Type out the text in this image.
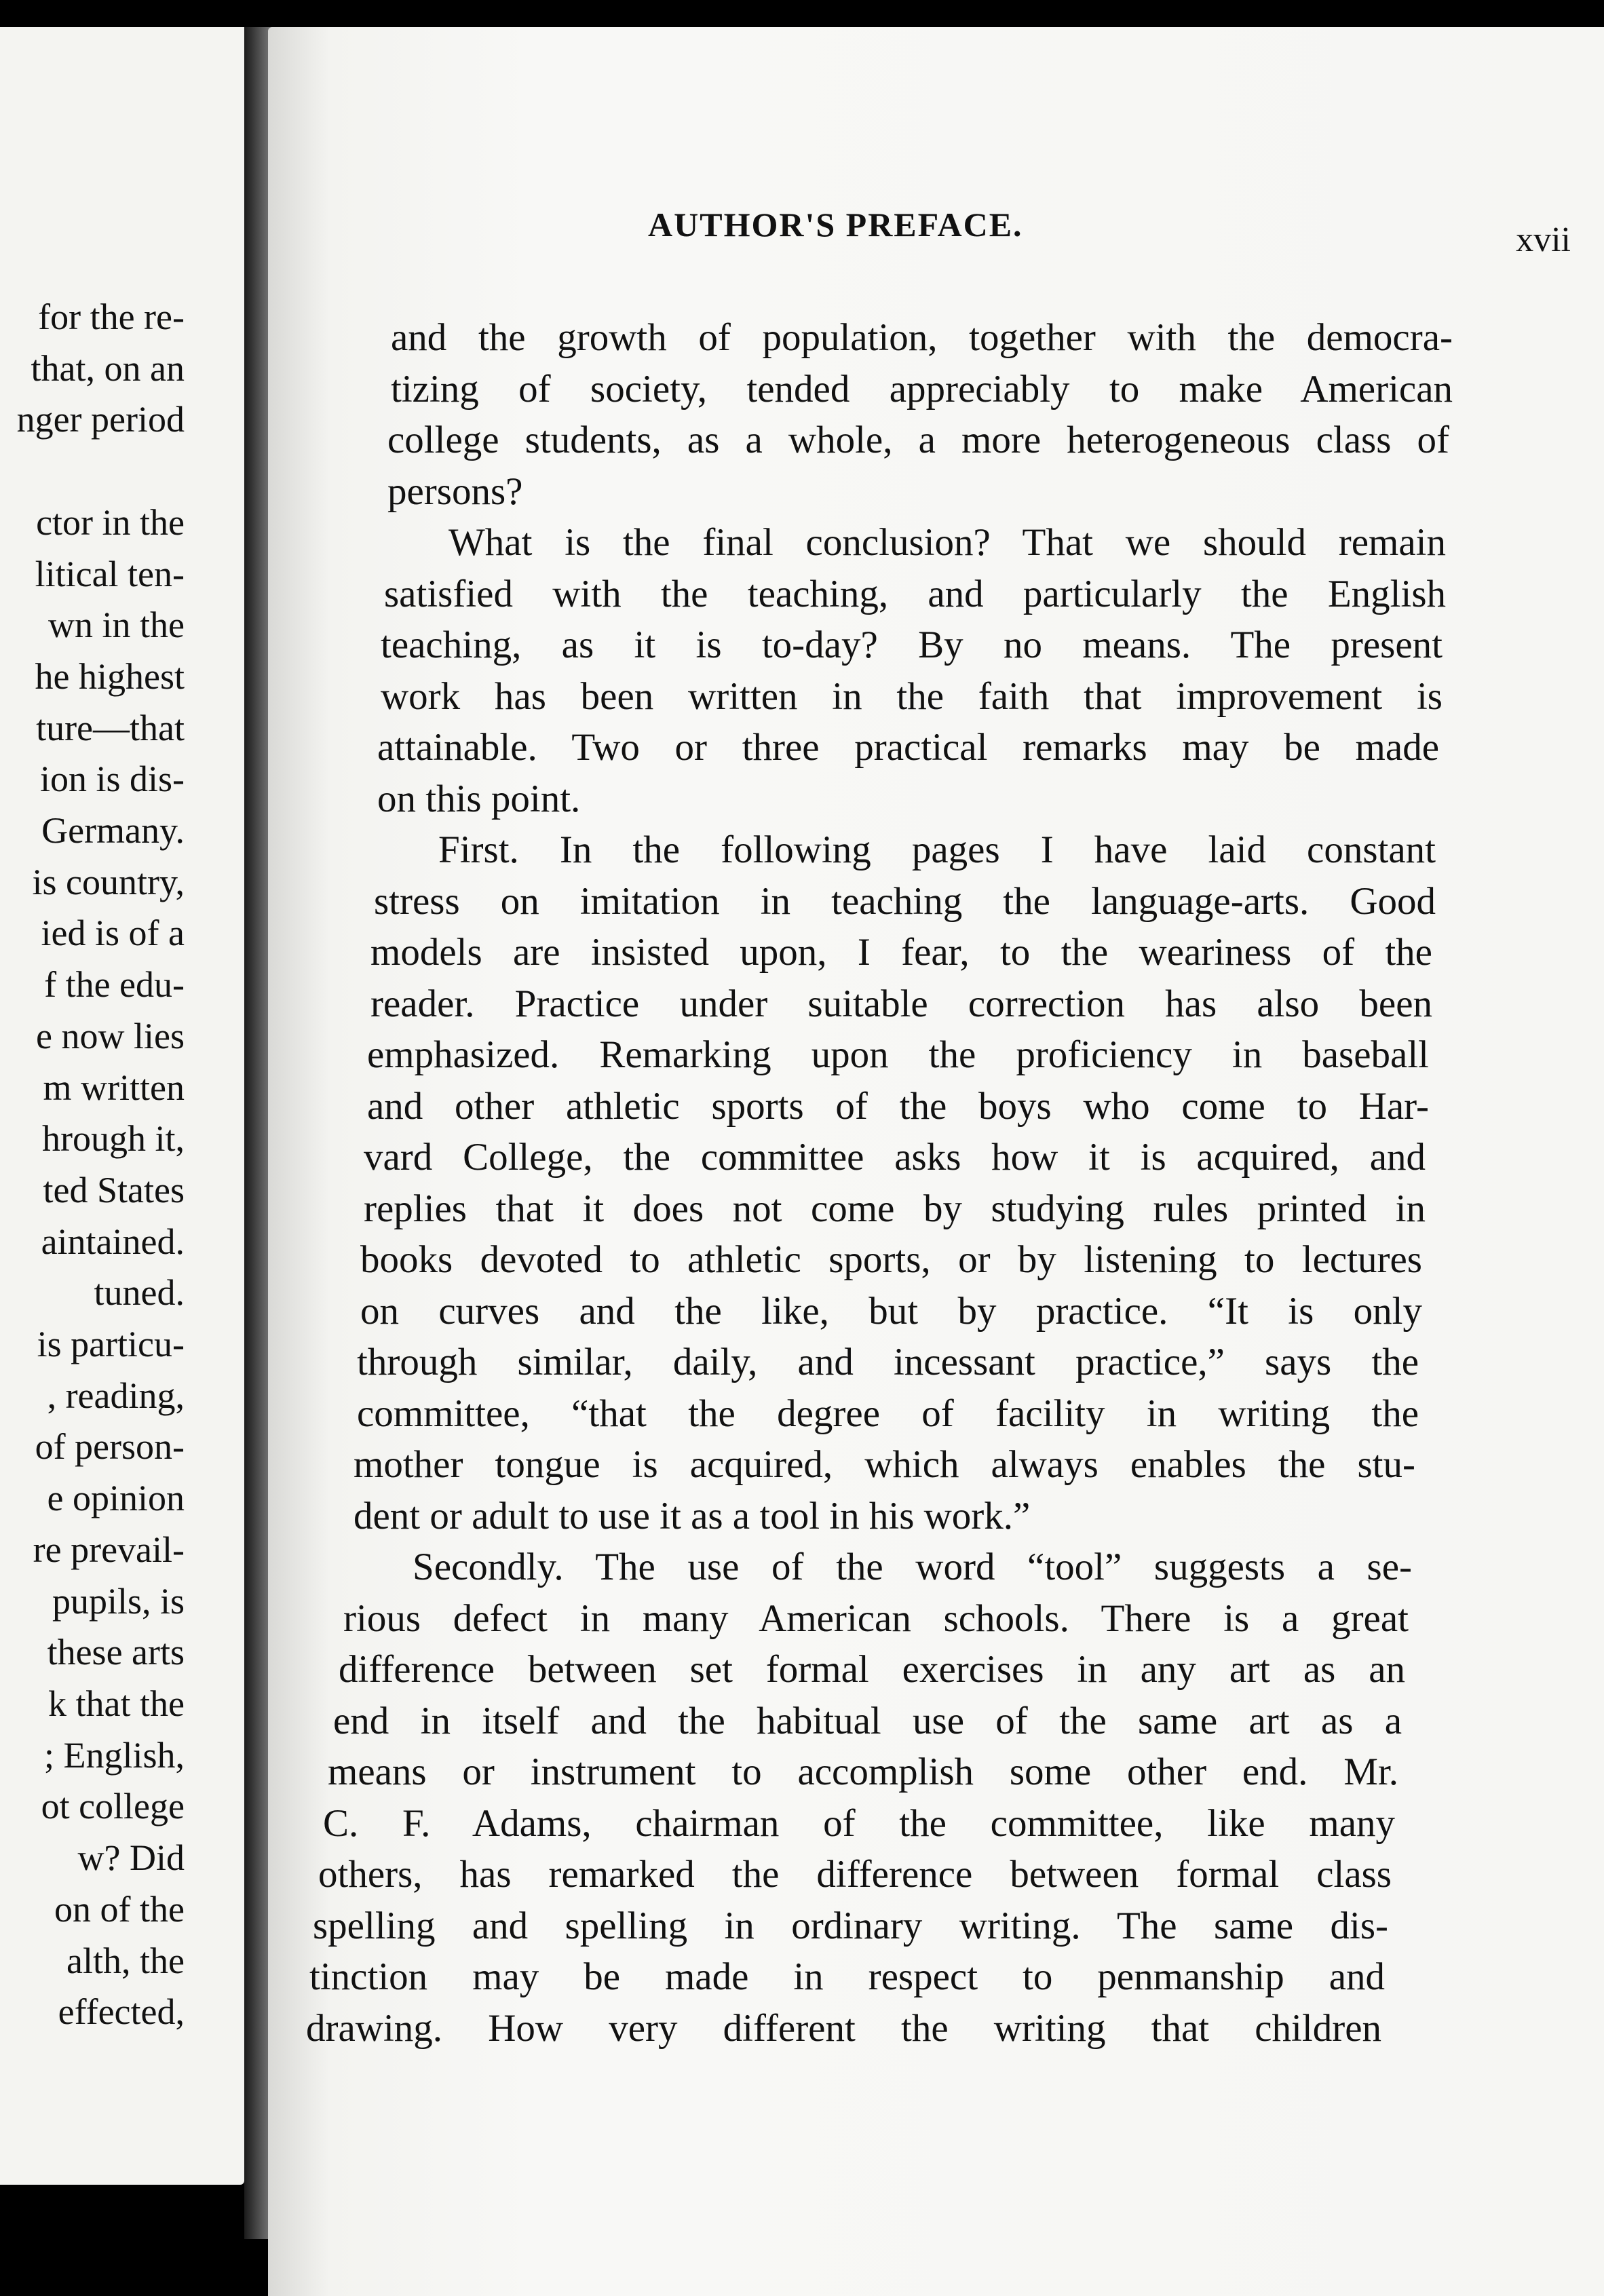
for the re-
that, on an
nger period

ctor in the
litical ten-
wn in the
he highest
ture—that
ion is dis-
Germany.
is country,
ied is of a
f the edu-
e now lies
m written
hrough it,
ted States
aintained.
tuned.
is particu-
, reading,
of person-
e opinion
re prevail-
pupils, is
these arts
k that the
; English,
ot college
w? Did
on of the
alth, the
effected,
AUTHOR'S PREFACE.	xvii
and the growth of population, together with the democra-
tizing of society, tended appreciably to make American
college students, as a whole, a more heterogeneous class of
persons?
What is the final conclusion? That we should remain
satisfied with the teaching, and particularly the English
teaching, as it is to-day? By no means. The present
work has been written in the faith that improvement is
attainable. Two or three practical remarks may be made
on this point.
First. In the following pages I have laid constant
stress on imitation in teaching the language-arts. Good
models are insisted upon, I fear, to the weariness of the
reader. Practice under suitable correction has also been
emphasized. Remarking upon the proficiency in baseball
and other athletic sports of the boys who come to Har-
vard College, the committee asks how it is acquired, and
replies that it does not come by studying rules printed in
books devoted to athletic sports, or by listening to lectures
on curves and the like, but by practice. “It is only
through similar, daily, and incessant practice,” says the
committee, “that the degree of facility in writing the
mother tongue is acquired, which always enables the stu-
dent or adult to use it as a tool in his work.”
Secondly. The use of the word “tool” suggests a se-
rious defect in many American schools. There is a great
difference between set formal exercises in any art as an
end in itself and the habitual use of the same art as a
means or instrument to accomplish some other end. Mr.
C. F. Adams, chairman of the committee, like many
others, has remarked the difference between formal class
spelling and spelling in ordinary writing. The same dis-
tinction may be made in respect to penmanship and
drawing. How very different the writing that children
